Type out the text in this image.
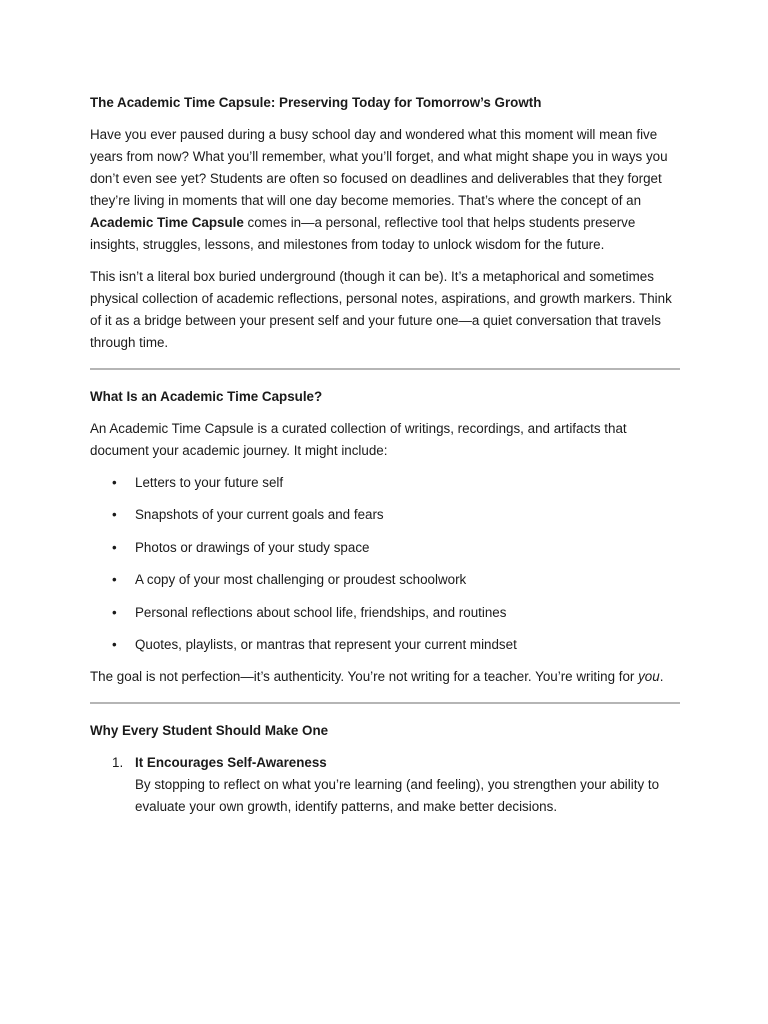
The Academic Time Capsule: Preserving Today for Tomorrow’s Growth

Have you ever paused during a busy school day and wondered what this moment will mean five years from now? What you’ll remember, what you’ll forget, and what might shape you in ways you don’t even see yet? Students are often so focused on deadlines and deliverables that they forget they’re living in moments that will one day become memories. That’s where the concept of an Academic Time Capsule comes in—a personal, reflective tool that helps students preserve insights, struggles, lessons, and milestones from today to unlock wisdom for the future.

This isn’t a literal box buried underground (though it can be). It’s a metaphorical and sometimes physical collection of academic reflections, personal notes, aspirations, and growth markers. Think of it as a bridge between your present self and your future one—a quiet conversation that travels through time.

What Is an Academic Time Capsule?

An Academic Time Capsule is a curated collection of writings, recordings, and artifacts that document your academic journey. It might include:

• Letters to your future self
• Snapshots of your current goals and fears
• Photos or drawings of your study space
• A copy of your most challenging or proudest schoolwork
• Personal reflections about school life, friendships, and routines
• Quotes, playlists, or mantras that represent your current mindset

The goal is not perfection—it’s authenticity. You’re not writing for a teacher. You’re writing for you.

Why Every Student Should Make One
1. It Encourages Self-Awareness
By stopping to reflect on what you’re learning (and feeling), you strengthen your ability to evaluate your own growth, identify patterns, and make better decisions.
